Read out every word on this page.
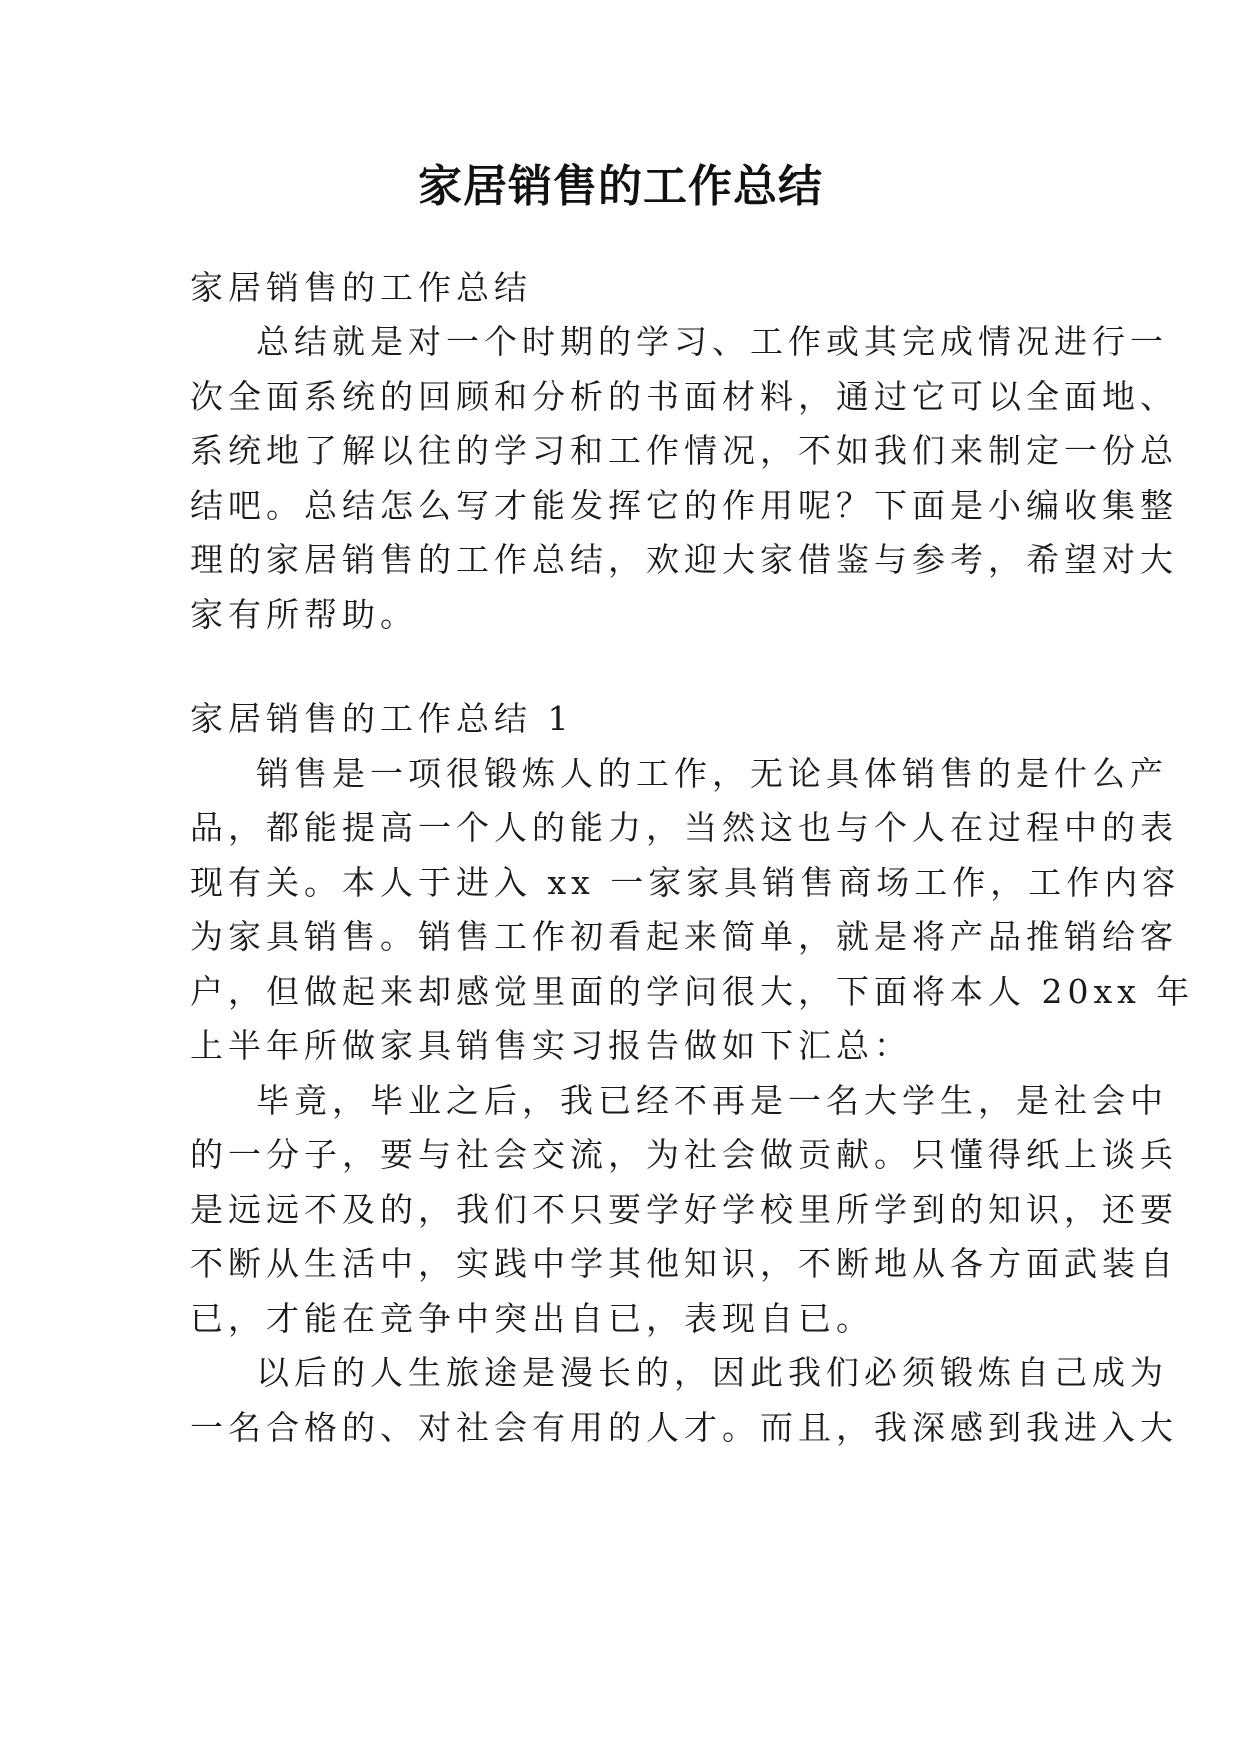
家居销售的工作总结

家居销售的工作总结

总结就是对一个时期的学习、工作或其完成情况进行一

次全面系统的回顾和分析的书面材料，通过它可以全面地、

系统地了解以往的学习和工作情况，不如我们来制定一份总

结吧。总结怎么写才能发挥它的作用呢？下面是小编收集整

理的家居销售的工作总结，欢迎大家借鉴与参考，希望对大

家有所帮助。

家居销售的工作总结 1

销售是一项很锻炼人的工作，无论具体销售的是什么产

品，都能提高一个人的能力，当然这也与个人在过程中的表

现有关。本人于进入 xx 一家家具销售商场工作，工作内容

为家具销售。销售工作初看起来简单，就是将产品推销给客

户，但做起来却感觉里面的学问很大，下面将本人 20xx 年

上半年所做家具销售实习报告做如下汇总：

毕竟，毕业之后，我已经不再是一名大学生，是社会中

的一分子，要与社会交流，为社会做贡献。只懂得纸上谈兵

是远远不及的，我们不只要学好学校里所学到的知识，还要

不断从生活中，实践中学其他知识，不断地从各方面武装自

已，才能在竞争中突出自已，表现自已。

以后的人生旅途是漫长的，因此我们必须锻炼自己成为

一名合格的、对社会有用的人才。而且，我深感到我进入大
